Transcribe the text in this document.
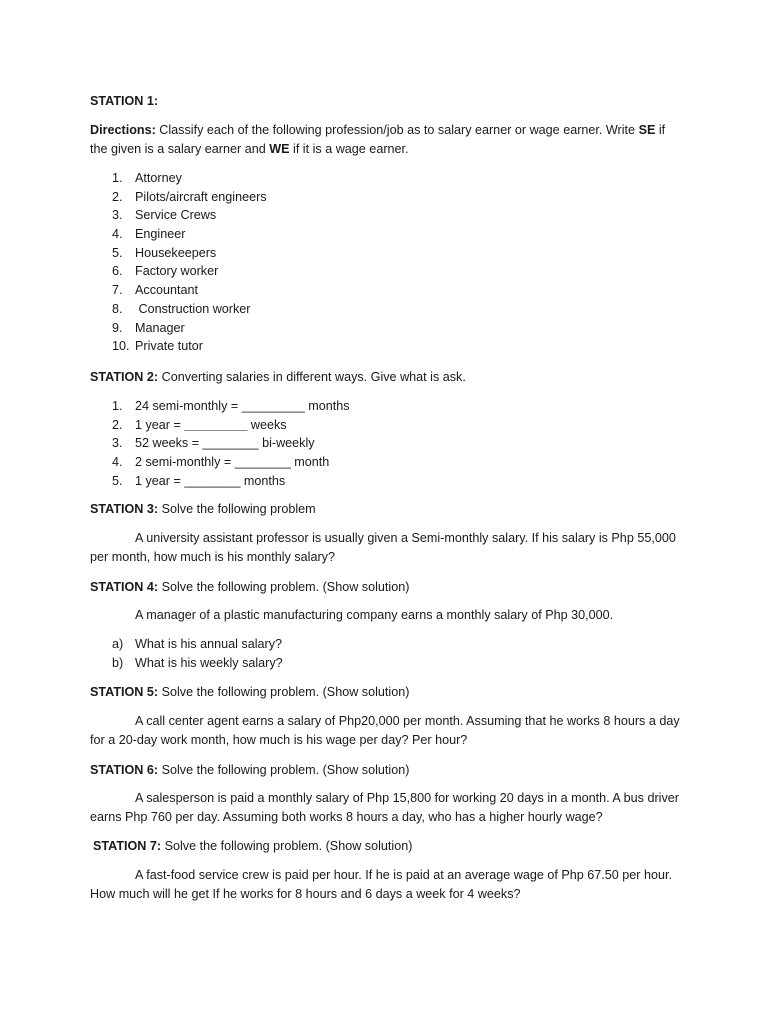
STATION 1:

Directions: Classify each of the following profession/job as to salary earner or wage earner. Write SE if the given is a salary earner and WE if it is a wage earner.

1. Attorney
2. Pilots/aircraft engineers
3. Service Crews
4. Engineer
5. Housekeepers
6. Factory worker
7. Accountant
8. Construction worker
9. Manager
10. Private tutor

STATION 2: Converting salaries in different ways. Give what is ask.

1. 24 semi-monthly = _________ months
2. 1 year = _________ weeks
3. 52 weeks = ________ bi-weekly
4. 2 semi-monthly = ________ month
5. 1 year = ________ months

STATION 3: Solve the following problem

A university assistant professor is usually given a Semi-monthly salary. If his salary is Php 55,000 per month, how much is his monthly salary?

STATION 4: Solve the following problem. (Show solution)

A manager of a plastic manufacturing company earns a monthly salary of Php 30,000.

a) What is his annual salary?
b) What is his weekly salary?

STATION 5: Solve the following problem. (Show solution)

A call center agent earns a salary of Php20,000 per month. Assuming that he works 8 hours a day for a 20-day work month, how much is his wage per day? Per hour?

STATION 6: Solve the following problem. (Show solution)

A salesperson is paid a monthly salary of Php 15,800 for working 20 days in a month. A bus driver earns Php 760 per day. Assuming both works 8 hours a day, who has a higher hourly wage?

STATION 7: Solve the following problem. (Show solution)

A fast-food service crew is paid per hour. If he is paid at an average wage of Php 67.50 per hour. How much will he get If he works for 8 hours and 6 days a week for 4 weeks?
